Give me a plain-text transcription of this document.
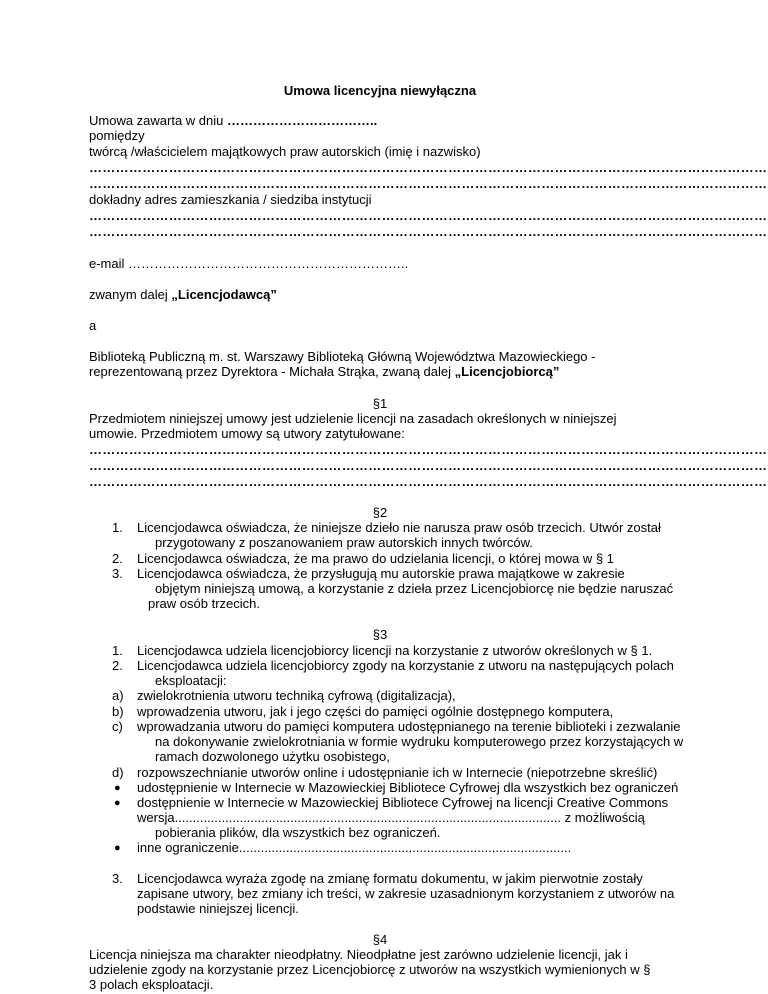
Umowa licencyjna niewyłączna
Umowa zawarta w dniu ……………………………..
pomiędzy
twórcą /właścicielem majątkowych praw autorskich (imię i nazwisko)
………………………………………………………………………………………………………………………………………
………………………………………………………………………………………………………………………………………
dokładny adres zamieszkania / siedziba instytucji
………………………………………………………………………………………………………………………………………
………………………………………………………………………………………………………………………………………
e-mail ………………………………………………………..
zwanym dalej „Licencjodawcą”
a
Biblioteką Publiczną m. st. Warszawy Biblioteką Główną Województwa Mazowieckiego -
reprezentowaną przez Dyrektora - Michała Strąka, zwaną dalej „Licencjobiorcą”
§1
Przedmiotem niniejszej umowy jest udzielenie licencji na zasadach określonych w niniejszej
umowie. Przedmiotem umowy są utwory zatytułowane:
………………………………………………………………………………………………………………………………………
………………………………………………………………………………………………………………………………………
………………………………………………………………………………………………………………………………………
§2
1.	Licencjodawca oświadcza, że niniejsze dzieło nie narusza praw osób trzecich. Utwór został
przygotowany z poszanowaniem praw autorskich innych twórców.
2.	Licencjodawca oświadcza, że ma prawo do udzielania licencji, o której mowa w § 1
3.	Licencjodawca oświadcza, że przysługują mu autorskie prawa majątkowe w zakresie
objętym niniejszą umową, a korzystanie z dzieła przez Licencjobiorcę nie będzie naruszać
praw osób trzecich.
§3
1.	Licencjodawca udziela licencjobiorcy licencji na korzystanie z utworów określonych w § 1.
2.	Licencjodawca udziela licencjobiorcy zgody na korzystanie z utworu na następujących polach
eksploatacji:
a)	zwielokrotnienia utworu techniką cyfrową (digitalizacja),
b)	wprowadzenia utworu, jak i jego części do pamięci ogólnie dostępnego komputera,
c)	wprowadzania utworu do pamięci komputera udostępnianego na terenie biblioteki i zezwalanie
na dokonywanie zwielokrotniania w formie wydruku komputerowego przez korzystających w
ramach dozwolonego użytku osobistego,
d)	rozpowszechnianie utworów online i udostępnianie ich w Internecie (niepotrzebne skreślić)
● udostępnienie w Internecie w Mazowieckiej Bibliotece Cyfrowej dla wszystkich bez ograniczeń
● dostępnienie w Internecie w Mazowieckiej Bibliotece Cyfrowej na licencji Creative Commons
wersja........................................................................................................... z możliwością
pobierania plików, dla wszystkich bez ograniczeń.
● inne ograniczenie............................................................................................
3.	Licencjodawca wyraża zgodę na zmianę formatu dokumentu, w jakim pierwotnie zostały
zapisane utwory, bez zmiany ich treści, w zakresie uzasadnionym korzystaniem z utworów na
podstawie niniejszej licencji.
§4
Licencja niniejsza ma charakter nieodpłatny. Nieodpłatne jest zarówno udzielenie licencji, jak i
udzielenie zgody na korzystanie przez Licencjobiorcę z utworów na wszystkich wymienionych w §
3 polach eksploatacji.
